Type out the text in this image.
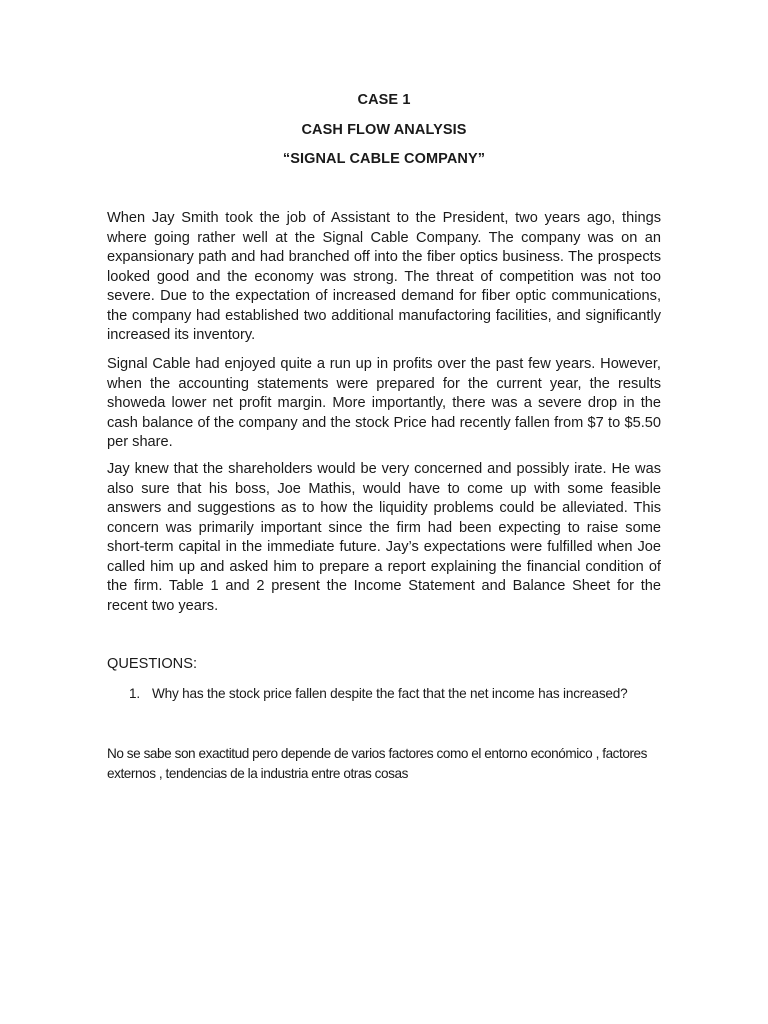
CASE 1
CASH FLOW ANALYSIS
“SIGNAL CABLE COMPANY”

When Jay Smith took the job of Assistant to the President, two years ago, things where going rather well at the Signal Cable Company. The company was on an expansionary path and had branched off into the fiber optics business. The prospects looked good and the economy was strong. The threat of competition was not too severe. Due to the expectation of increased demand for fiber optic communications, the company had established two additional manufactoring facilities, and significantly increased its inventory.

Signal Cable had enjoyed quite a run up in profits over the past few years. However, when the accounting statements were prepared for the current year, the results showeda lower net profit margin. More importantly, there was a severe drop in the cash balance of the company and the stock Price had recently fallen from $7 to $5.50 per share.

Jay knew that the shareholders would be very concerned and possibly irate. He was also sure that his boss, Joe Mathis, would have to come up with some feasible answers and suggestions as to how the liquidity problems could be alleviated. This concern was primarily important since the firm had been expecting to raise some short-term capital in the immediate future. Jay’s expectations were fulfilled when Joe called him up and asked him to prepare a report explaining the financial condition of the firm. Table 1 and 2 present the Income Statement and Balance Sheet for the recent two years.

QUESTIONS:

1. Why has the stock price fallen despite the fact that the net income has increased?

No se sabe son exactitud pero depende de varios factores como el entorno económico , factores externos , tendencias de la industria entre otras cosas
